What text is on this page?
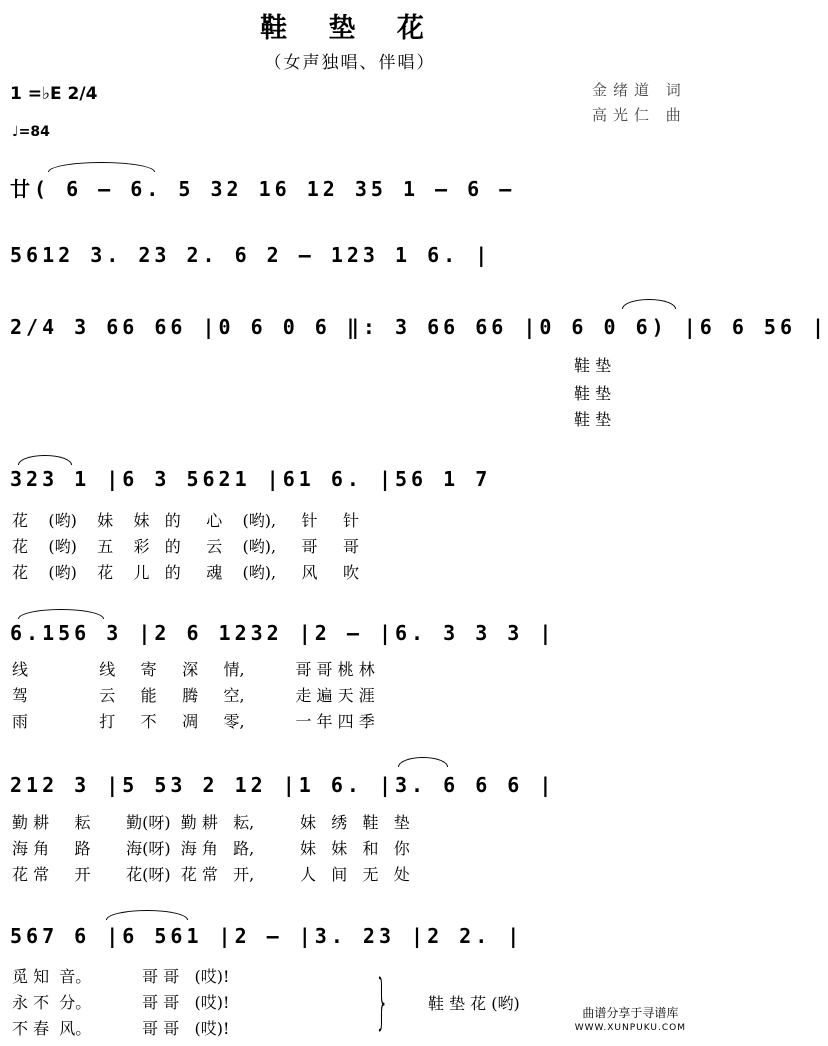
鞋 垫 花
（女声独唱、伴唱）
1 =♭E 2/4
♩=84
金绪道 词
高光仁 曲
廿( 6 – 6. 5 32 16 12 35 1 – 6 –
5612 3. 23 2. 6 2 – 123 1 6. |
2/4 3 66 66 |0 6 0 6 ‖: 3 66 66 |0 6 0 6) |6 6 56 |
323 1 |6 3 5621 |61 6. |56 1 7
6.156 3 |2 6 1232 |2 – |6. 3 3 3 |
212 3 |5 53 2 12 |1 6. |3. 6 6 6 |
567 6 |6 561 |2 – |3. 23 |2 2. |
鞋 垫
鞋 垫
鞋 垫
花    (哟)    妹    妹   的     心    (哟),     针     针
花    (哟)    五    彩   的     云    (哟),     哥     哥
花    (哟)    花    儿   的     魂    (哟),     风     吹
线              线     寄     深     情,          哥 哥 桃 林
驾              云     能     腾     空,          走 遍 天 涯
雨              打     不     凋     零,          一 年 四 季
勤 耕     耘       勤(呀)  勤 耕   耘,         妹   绣   鞋   垫
海 角     路       海(呀)  海 角   路,         妹   妹   和   你
花 常     开       花(呀)  花 常   开,         人   间   无   处
觅 知  音。          哥 哥   (哎)!
永 不  分。          哥 哥   (哎)!
不 春  风。          哥 哥   (哎)! } 鞋 垫 花 (哟)	曲谱分享于寻谱库
WWW.XUNPUKU.COM
